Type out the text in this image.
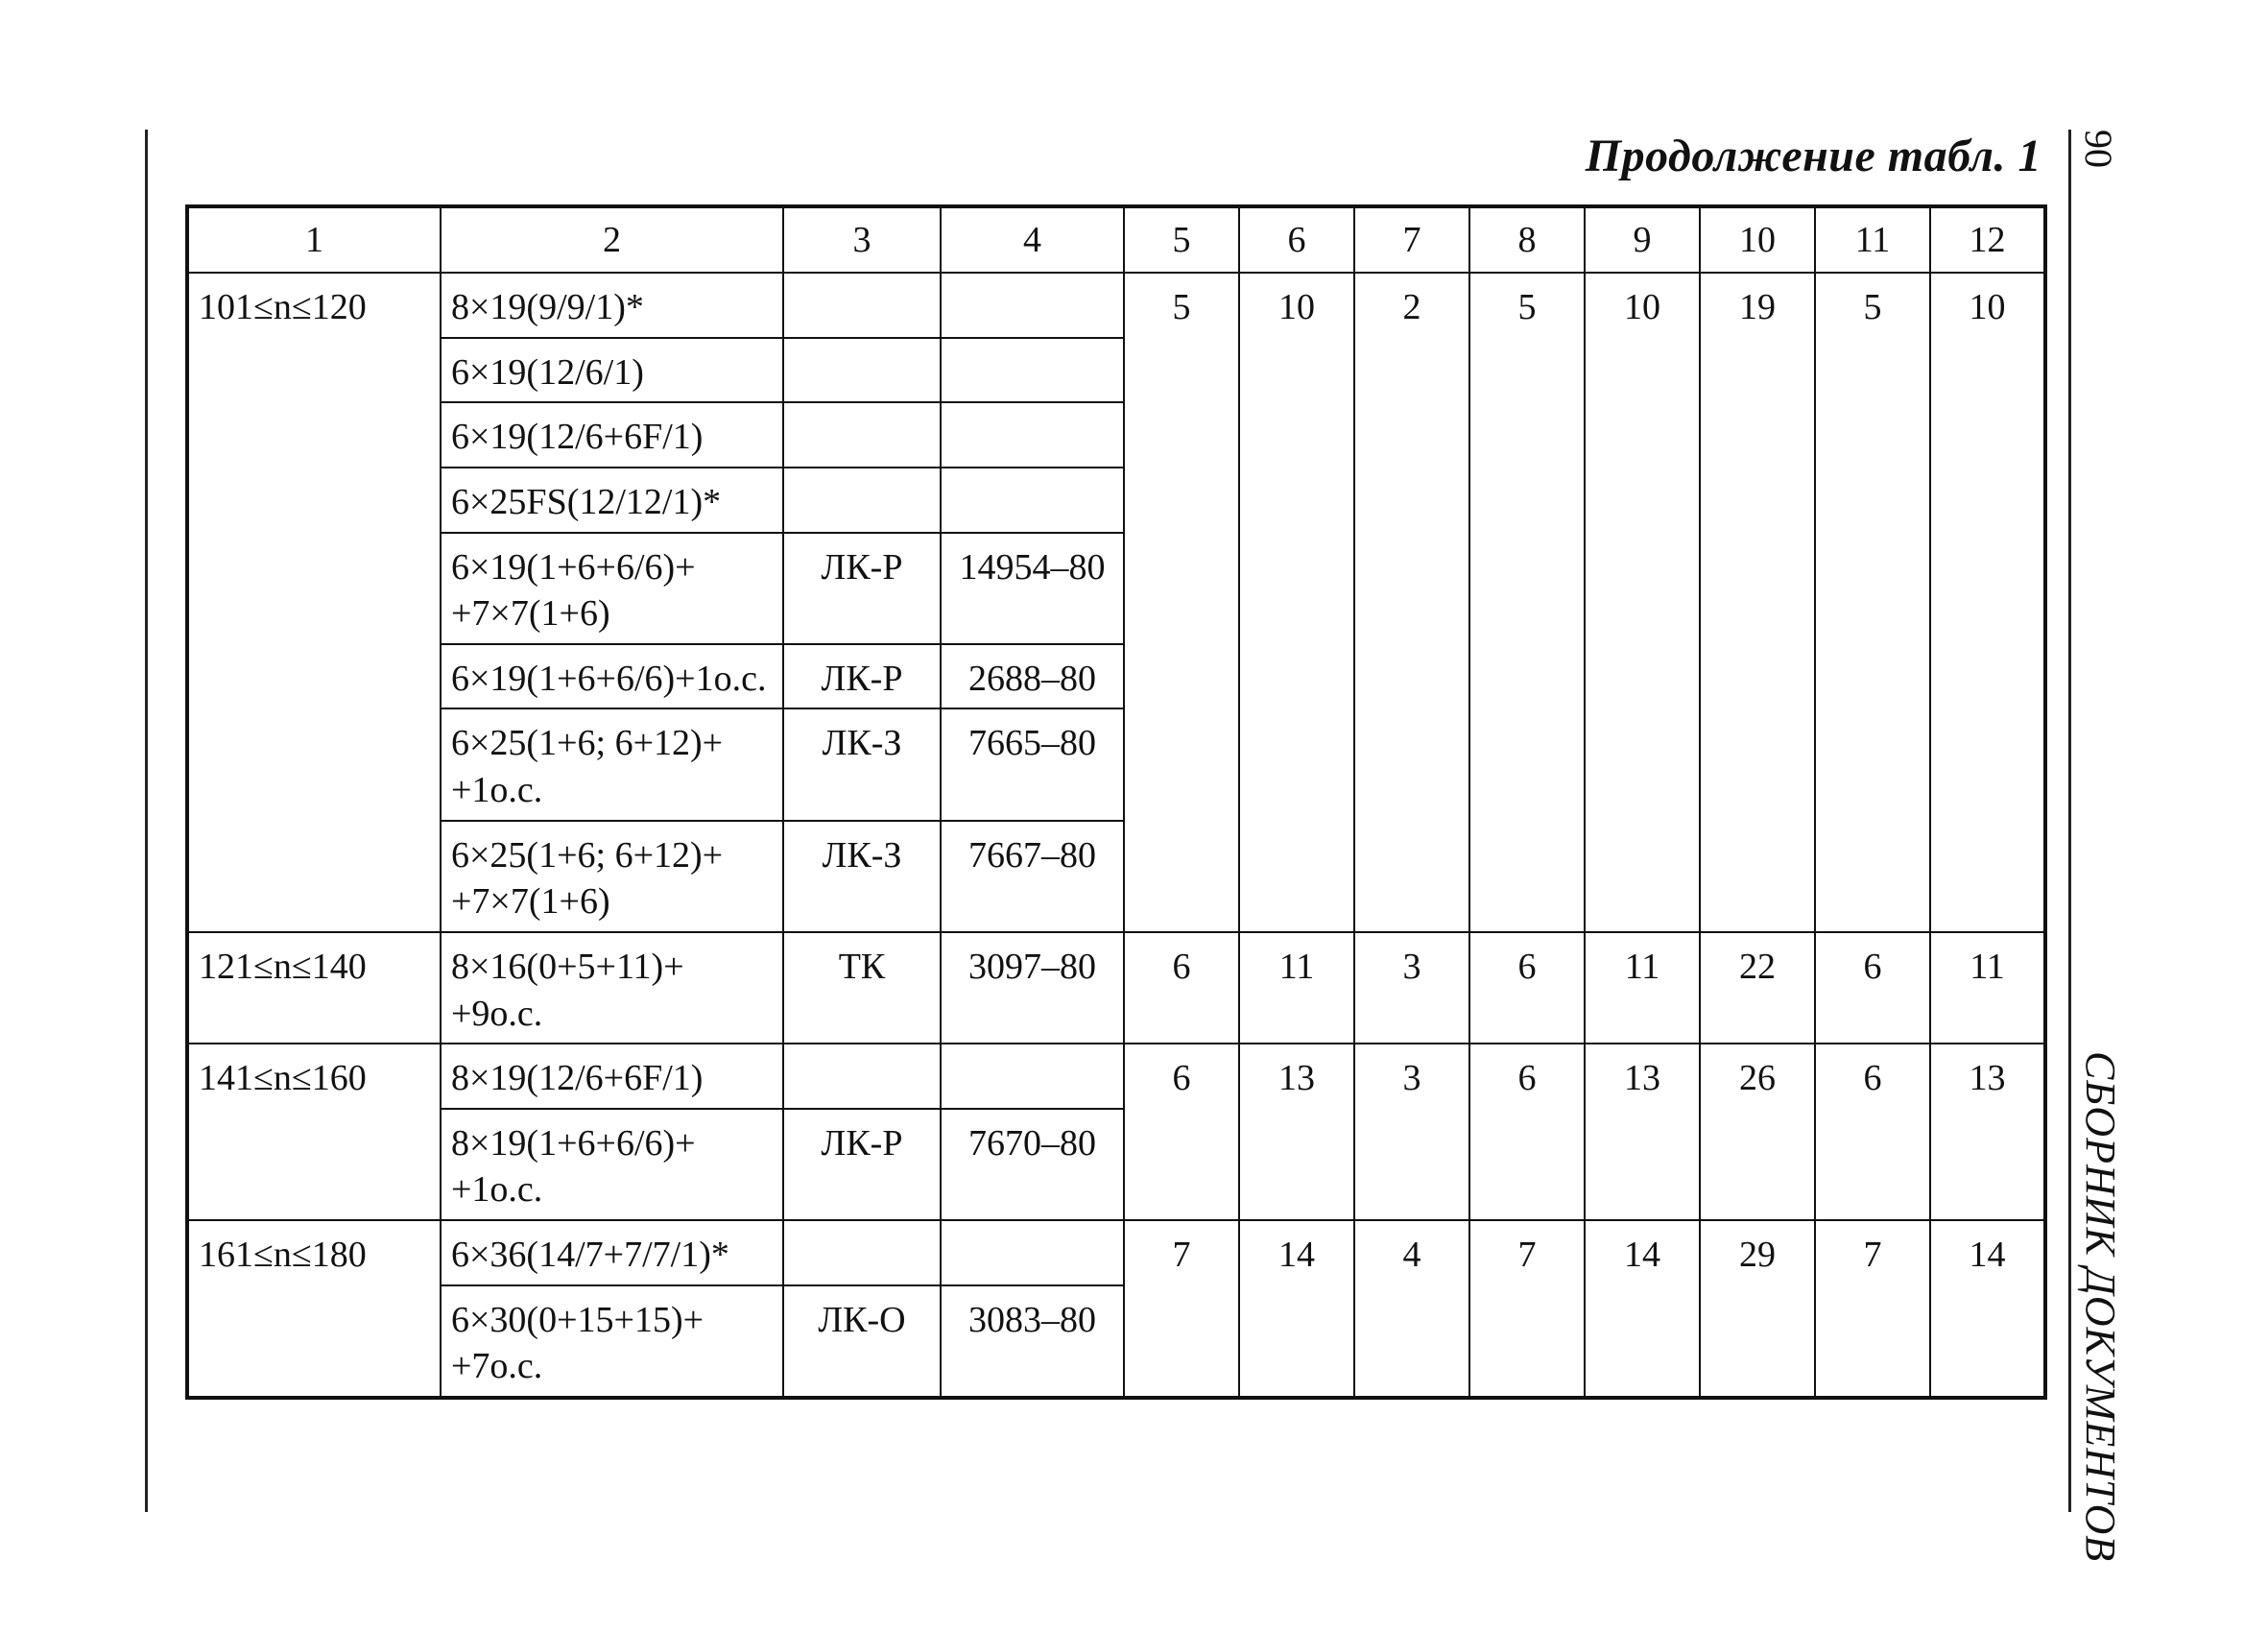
Продолжение табл. 1 90
СБОРНИК ДОКУМЕНТОВ
1	2	3	4	5	6	7	8	9	10	11	12
101≤n≤120	8×19(9/9/1)*			5	10	2	5	10	19	5	10
	6×19(12/6/1)										
	6×19(12/6+6F/1)										
	6×25FS(12/12/1)*										
	6×19(1+6+6/6)+ +7×7(1+6)	ЛК-Р	14954–80								
	6×19(1+6+6/6)+1о.с.	ЛК-Р	2688–80								
	6×25(1+6; 6+12)+ +1о.с.	ЛК-З	7665–80								
	6×25(1+6; 6+12)+ +7×7(1+6)	ЛК-З	7667–80								
121≤n≤140	8×16(0+5+11)+ +9о.с.	ТК	3097–80	6	11	3	6	11	22	6	11
141≤n≤160	8×19(12/6+6F/1)			6	13	3	6	13	26	6	13
	8×19(1+6+6/6)+ +1о.с.	ЛК-Р	7670–80								
161≤n≤180	6×36(14/7+7/7/1)*			7	14	4	7	14	29	7	14
	6×30(0+15+15)+ +7о.с.	ЛК-О	3083–80								
